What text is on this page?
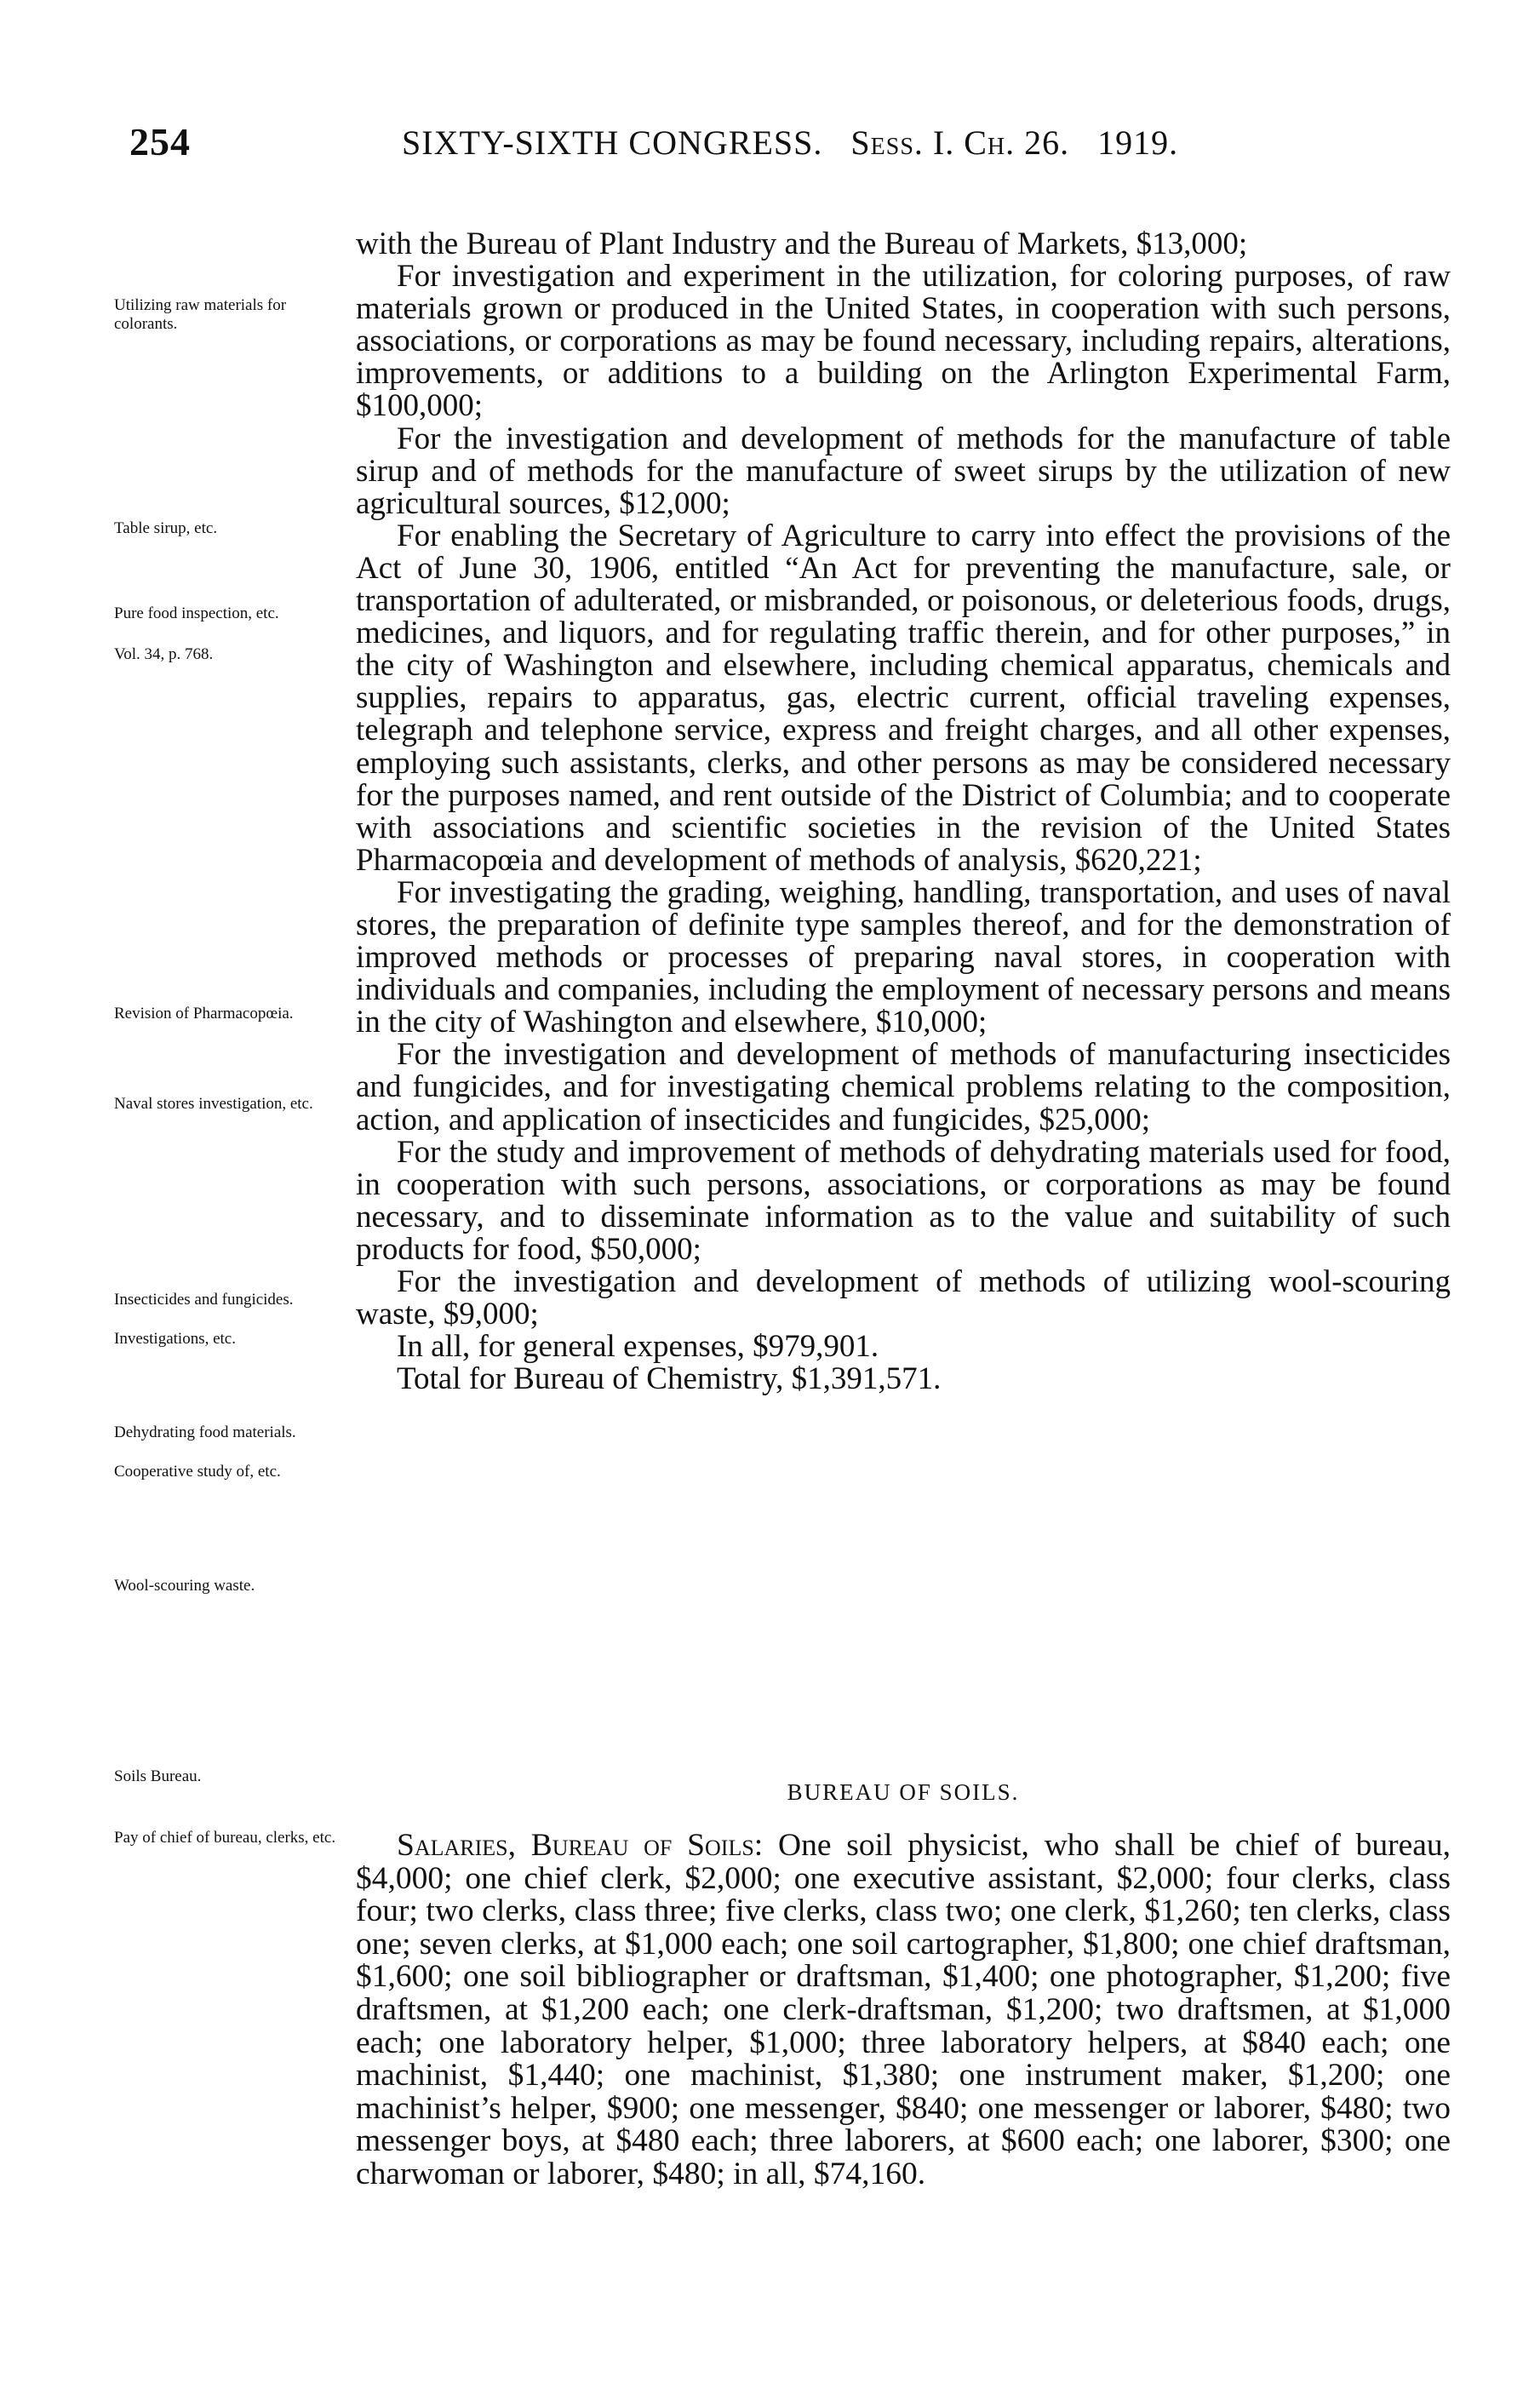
254	SIXTY-SIXTH CONGRESS. Sess. I. Ch. 26. 1919.
Utilizing raw materials for colorants.
Table sirup, etc.
Pure food inspection, etc.
Vol. 34, p. 768.
Revision of Pharmacopœia.
Naval stores investigation, etc.
Insecticides and fungicides.
Investigations, etc.
Dehydrating food materials.
Cooperative study of, etc.
Wool-scouring waste.
Soils Bureau.
Pay of chief of bureau, clerks, etc.

with the Bureau of Plant Industry and the Bureau of Markets, $13,000;

For investigation and experiment in the utilization, for coloring purposes, of raw materials grown or produced in the United States, in cooperation with such persons, associations, or corporations as may be found necessary, including repairs, alterations, improvements, or additions to a building on the Arlington Experimental Farm, $100,000;

For the investigation and development of methods for the manufacture of table sirup and of methods for the manufacture of sweet sirups by the utilization of new agricultural sources, $12,000;

For enabling the Secretary of Agriculture to carry into effect the provisions of the Act of June 30, 1906, entitled “An Act for preventing the manufacture, sale, or transportation of adulterated, or misbranded, or poisonous, or deleterious foods, drugs, medicines, and liquors, and for regulating traffic therein, and for other purposes,” in the city of Washington and elsewhere, including chemical apparatus, chemicals and supplies, repairs to apparatus, gas, electric current, official traveling expenses, telegraph and telephone service, express and freight charges, and all other expenses, employing such assistants, clerks, and other persons as may be considered necessary for the purposes named, and rent outside of the District of Columbia; and to cooperate with associations and scientific societies in the revision of the United States Pharmacopœia and development of methods of analysis, $620,221;

For investigating the grading, weighing, handling, transportation, and uses of naval stores, the preparation of definite type samples thereof, and for the demonstration of improved methods or processes of preparing naval stores, in cooperation with individuals and companies, including the employment of necessary persons and means in the city of Washington and elsewhere, $10,000;

For the investigation and development of methods of manufacturing insecticides and fungicides, and for investigating chemical problems relating to the composition, action, and application of insecticides and fungicides, $25,000;

For the study and improvement of methods of dehydrating materials used for food, in cooperation with such persons, associations, or corporations as may be found necessary, and to disseminate information as to the value and suitability of such products for food, $50,000;

For the investigation and development of methods of utilizing wool-scouring waste, $9,000;

In all, for general expenses, $979,901.

Total for Bureau of Chemistry, $1,391,571.

BUREAU OF SOILS.

Salaries, Bureau of Soils: One soil physicist, who shall be chief of bureau, $4,000; one chief clerk, $2,000; one executive assistant, $2,000; four clerks, class four; two clerks, class three; five clerks, class two; one clerk, $1,260; ten clerks, class one; seven clerks, at $1,000 each; one soil cartographer, $1,800; one chief draftsman, $1,600; one soil bibliographer or draftsman, $1,400; one photographer, $1,200; five draftsmen, at $1,200 each; one clerk-draftsman, $1,200; two draftsmen, at $1,000 each; one laboratory helper, $1,000; three laboratory helpers, at $840 each; one machinist, $1,440; one machinist, $1,380; one instrument maker, $1,200; one machinist’s helper, $900; one messenger, $840; one messenger or laborer, $480; two messenger boys, at $480 each; three laborers, at $600 each; one laborer, $300; one charwoman or laborer, $480; in all, $74,160.
